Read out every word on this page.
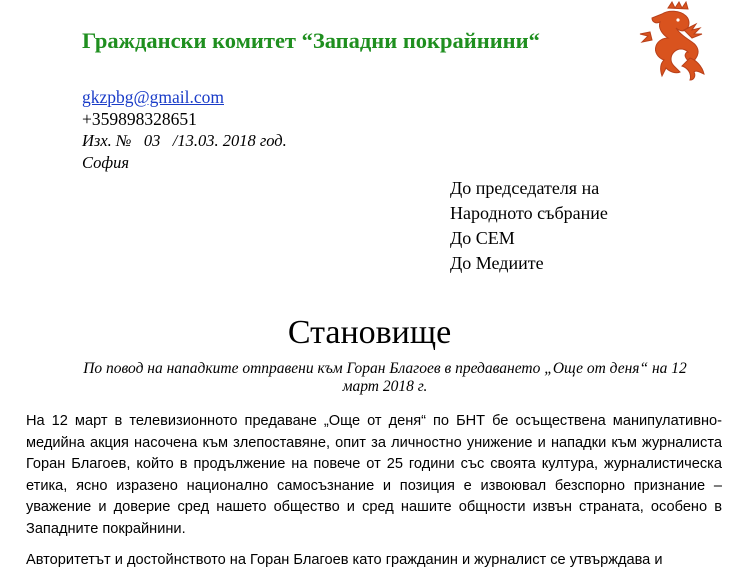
Граждански комитет “Западни покрайнини“
gkzpbg@gmail.com
+359898328651
Изх. №   03   /13.03. 2018 год.
София
До председателя на
Народното събрание
До СЕМ
До Медиите
Становище
По повод на нападките отправени към Горан Благоев в предаването „Още от деня“ на 12
март 2018 г.

На 12 март в телевизионното предаване „Още от деня“ по БНТ бе осъществена манипулативно-медийна акция насочена към злепоставяне, опит за личностно унижение и нападки към журналиста Горан Благоев, който в продължение на повече от 25 години със своята култура, журналистическа етика, ясно изразено национално самосъзнание и позиция е извоювал безспорно признание – уважение и доверие сред нашето общество и сред нашите общности извън страната, особено в Западните покрайнини.

Авторитетът и достойнството на Горан Благоев като гражданин и журналист се утвърждава и
